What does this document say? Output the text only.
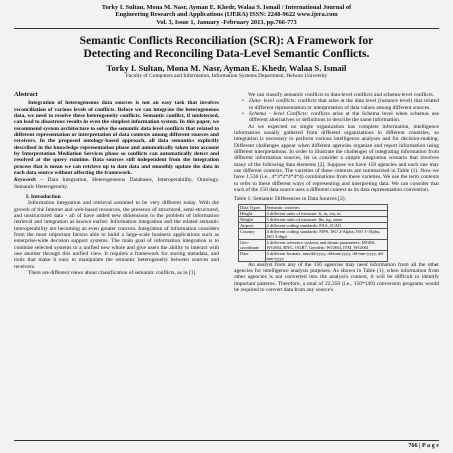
Torky I. Sultan, Mona M. Nasr, Ayman E. Khedr, Walaa S. Ismail / International Journal of
Engineering Research and Applications (IJERA) ISSN: 2248-9622 www.ijera.com
Vol. 3, Issue 1, January -February 2013, pp.766-773
Semantic Conflicts Reconciliation (SCR): A Framework for
Detecting and Reconciling Data-Level Semantic Conflicts.
Torky I. Sultan, Mona M. Nasr, Ayman E. Khedr, Walaa S. Ismail
Faculty of Computers and Information, Information Systems Department, Helwan University
Abstract

Integration of heterogeneous data sources is not an easy task that involves reconciliation of various levels of conflicts. Before we can integrate the heterogeneous data, we need to resolve these heterogeneity conflicts. Semantic conflict, if undetected, can lead to disastrous results in even the simplest information system. In this paper, we recommend system architecture to solve the semantic data level conflicts that related to different representation or interpretation of data contexts among different sources and receivers. In the proposed ontology-based approach, all data semantics explicitly described in the knowledge representation phase and automatically taken into account by Interpretation Mediation Services phase so conflicts can automatically detect and resolved at the query runtime. Data sources still independent from the integration process that is mean we can retrieve up to date data and smoothly update the data in each data source without affecting the framework.

Keywords – Data Integration, Heterogeneous Databases, Interoperability, Ontology, Semantic Heterogeneity.

I. Introduction

Information integration and retrieval assumed to be very different today. With the growth of the Internet and web-based resources, the presence of structured, semi-structured, and unstructured data - all of have added new dimensions to the problem of information retrieval and integration as known earlier. Information integration and the related semantic interoperability are becoming an even greater concern. Integration of information considers from the most important factors able to build a large-scale business applications such as enterprise-wide decision support systems. The main goal of information integration is to combine selected systems to a unified new whole and give users the ability to interact with one another through this unified view. It requires a framework for storing metadata, and tools that make it easy to manipulate the semantic heterogeneity between sources and receivers.

There are different views about classification of semantic conflicts, as in [1]

We can classify semantic conflicts to data-level conflicts and schema-level conflicts.

• Data- level conflicts: conflicts that arise at the data level (instance level) that related to different representation or interpretation of data values among different sources.
• Schema - level Conflicts: conflicts arise at the Schema level when schemas use different alternatives or definitions to describe the same information.

As we expected no single organization has complete information, intelligence information usually gathered from different organizations in different countries, so integration is necessary to perform various intelligence analyses and for decision-making. Different challenges appear when different agencies organize and report information using different interpretations. In order to illustrate the challenges of integrating information from different information sources, let us consider a simple integration scenario that involves many of the following data elements [2]. Suppose we have 150 agencies and each one may use different contexts. The varieties of these contexts are summarized in Table (1). Now we have 1,536 (i.e., 4*3*2*4*4*4) combinations from these varieties. We use the term contexts to refer to these different ways of representing and interpreting data. We can consider that each of the 150 data source uses a different context as its data representation convention.

Table 1: Semantic Differences in Data Sources [2].
Data Types	Semantic varieties
Height	4 different units of measure: ft, in, cm, m
Weight	3 different units of measure: lbs, kg, stone
Airport	2 different coding standards: FAA, ICAO
Country	4 different coding standards: FIPS, ISO 2-Alpha, ISO 3-Alpha, ISO 3-digit
Geo-coordinate	4 different reference systems and datum parameters: MGRS, WGS84, BNG, OGB7, Geodetic WGS84, ITM_WGS84
Date	4 different formats: mm/dd/yyyy, dd/mm/yyyy, dd-mm-yyyy, dd-mm-yyyy

An analyst from any of the 150 agencies may need information from all the other agencies for intelligence analysis purposes. As shown in Table (1), when information from other agencies is not converted into the analyst's context, it will be difficult to identify important patterns. Therefore, a total of 22,350 (i.e., 150*149) conversion programs would be required to convert data from any source's

766 | P a g e
